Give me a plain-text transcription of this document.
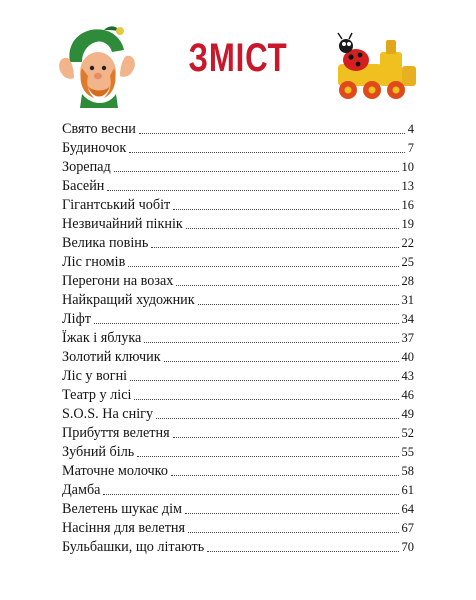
ЗМІСТ
Свято весни	4
Будиночок	7
Зорепад	10
Басейн	13
Гігантський чобіт	16
Незвичайний пікнік	19
Велика повінь	22
Ліс гномів	25
Перегони на возах	28
Найкращий художник	31
Ліфт	34
Їжак і яблука	37
Золотий ключик	40
Ліс у вогні	43
Театр у лісі	46
S.O.S. На снігу	49
Прибуття велетня	52
Зубний біль	55
Маточне молочко	58
Дамба	61
Велетень шукає дім	64
Насіння для велетня	67
Бульбашки, що літають	70
